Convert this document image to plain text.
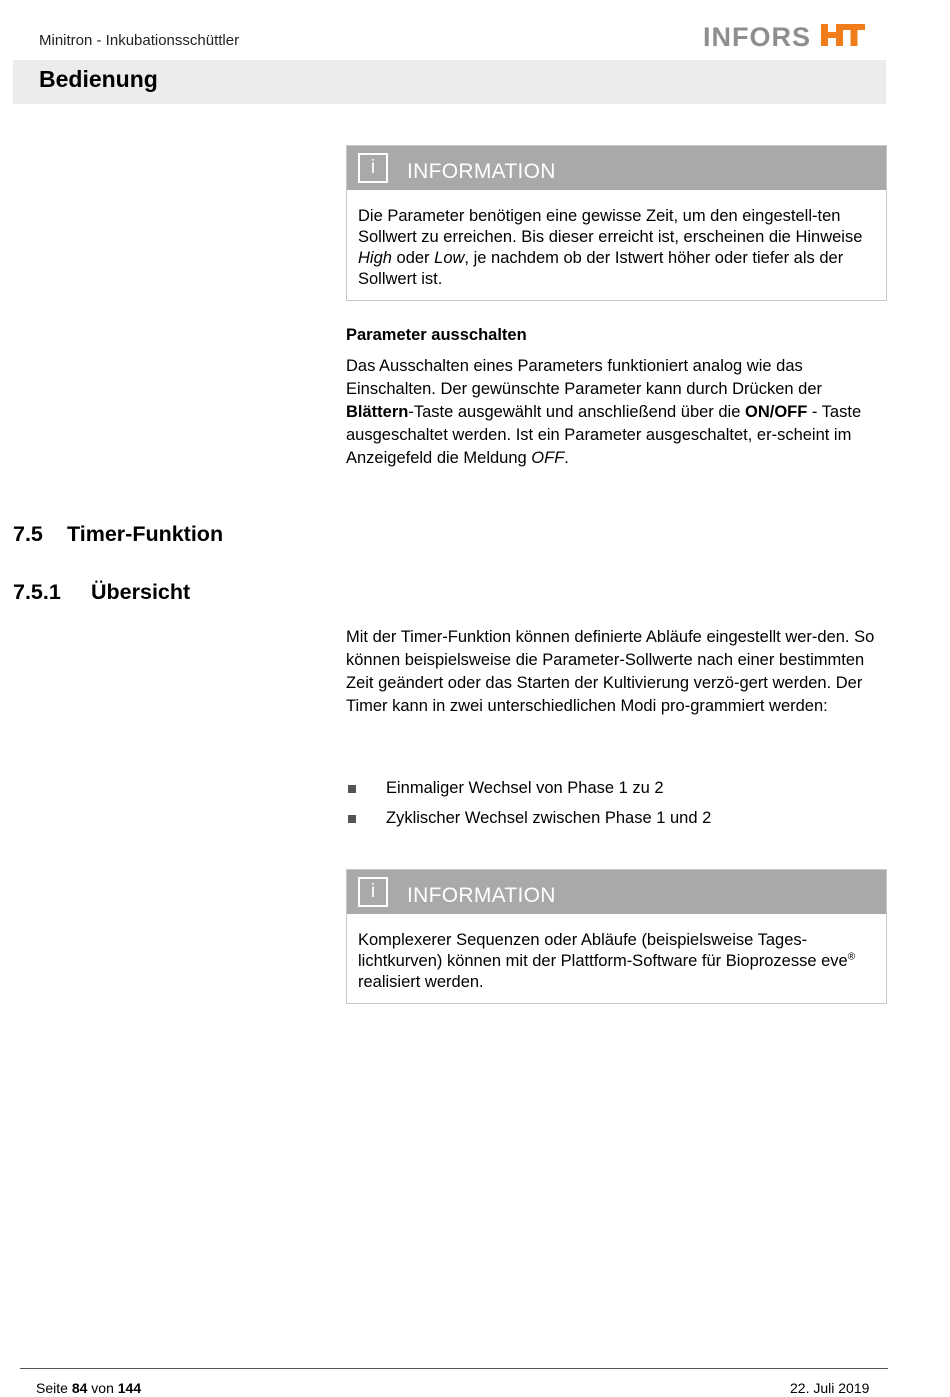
Minitron - Inkubationsschüttler	INFORS
Bedienung
i	INFORMATION
Die Parameter benötigen eine gewisse Zeit, um den eingestell-ten Sollwert zu erreichen. Bis dieser erreicht ist, erscheinen die Hinweise High oder Low, je nachdem ob der Istwert höher oder tiefer als der Sollwert ist.
Parameter ausschalten
Das Ausschalten eines Parameters funktioniert analog wie das Einschalten. Der gewünschte Parameter kann durch Drücken der Blättern-Taste ausgewählt und anschließend über die ON/OFF - Taste ausgeschaltet werden. Ist ein Parameter ausgeschaltet, er-scheint im Anzeigefeld die Meldung OFF.
7.5 Timer-Funktion
7.5.1 Übersicht
Mit der Timer-Funktion können definierte Abläufe eingestellt wer-den. So können beispielsweise die Parameter-Sollwerte nach einer bestimmten Zeit geändert oder das Starten der Kultivierung verzö-gert werden. Der Timer kann in zwei unterschiedlichen Modi pro-grammiert werden:
Einmaliger Wechsel von Phase 1 zu 2
Zyklischer Wechsel zwischen Phase 1 und 2
i	INFORMATION
Komplexerer Sequenzen oder Abläufe (beispielsweise Tages-lichtkurven) können mit der Plattform-Software für Bioprozesse eve® realisiert werden.
Seite 84 von 144	22. Juli 2019
